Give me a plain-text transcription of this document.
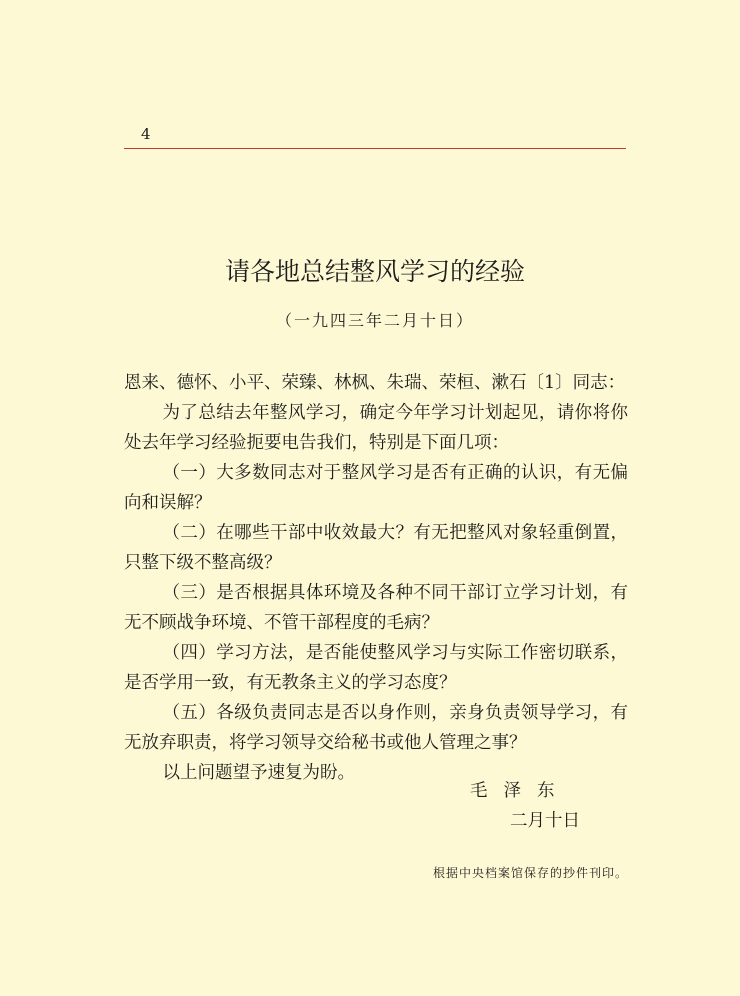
4
请各地总结整风学习的经验
（一九四三年二月十日）

恩来、德怀、小平、荣臻、林枫、朱瑞、荣桓、漱石〔1〕同志：

为了总结去年整风学习，确定今年学习计划起见，请你将你处去年学习经验扼要电告我们，特别是下面几项：

（一）大多数同志对于整风学习是否有正确的认识，有无偏向和误解？

（二）在哪些干部中收效最大？有无把整风对象轻重倒置，只整下级不整高级？

（三）是否根据具体环境及各种不同干部订立学习计划，有无不顾战争环境、不管干部程度的毛病？

（四）学习方法，是否能使整风学习与实际工作密切联系，是否学用一致，有无教条主义的学习态度？

（五）各级负责同志是否以身作则，亲身负责领导学习，有无放弃职责，将学习领导交给秘书或他人管理之事？

以上问题望予速复为盼。

毛泽东
二月十日
根据中央档案馆保存的抄件刊印。
